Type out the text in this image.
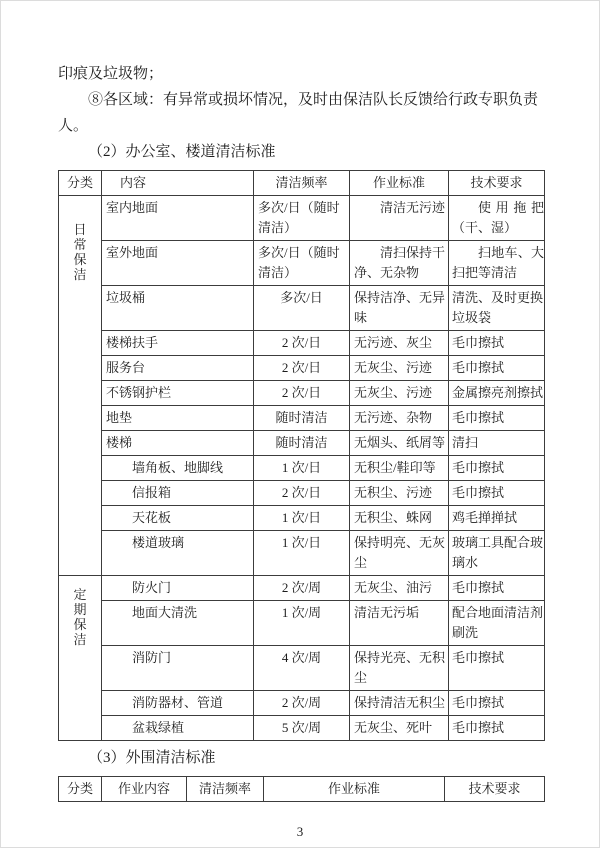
印痕及垃圾物；

⑧各区域：有异常或损坏情况，及时由保洁队长反馈给行政专职负责人。

（2）办公室、楼道清洁标准

分类	内容	清洁频率	作业标准	技术要求

日常保洁	室内地面	多次/日（随时清洁）	清洁无污迹	使用拖把（干、湿）
	室外地面	多次/日（随时清洁）	清扫保持干净、无杂物	扫地车、大扫把等清洁
	垃圾桶	多次/日	保持洁净、无异味	清洗、及时更换垃圾袋
	楼梯扶手	2 次/日	无污迹、灰尘	毛巾擦拭
	服务台	2 次/日	无灰尘、污迹	毛巾擦拭
	不锈钢护栏	2 次/日	无灰尘、污迹	金属擦亮剂擦拭
	地垫	随时清洁	无污迹、杂物	毛巾擦拭
	楼梯	随时清洁	无烟头、纸屑等	清扫
	墙角板、地脚线	1 次/日	无积尘/鞋印等	毛巾擦拭
	信报箱	2 次/日	无积尘、污迹	毛巾擦拭
	天花板	1 次/日	无积尘、蛛网	鸡毛掸掸拭
	楼道玻璃	1 次/日	保持明亮、无灰尘	玻璃工具配合玻璃水

定期保洁	防火门	2 次/周	无灰尘、油污	毛巾擦拭
	地面大清洗	1 次/周	清洁无污垢	配合地面清洁剂刷洗
	消防门	4 次/周	保持光亮、无积尘	毛巾擦拭
	消防器材、管道	2 次/周	保持清洁无积尘	毛巾擦拭
	盆栽绿植	5 次/周	无灰尘、死叶	毛巾擦拭

（3）外围清洁标准

分类	作业内容	清洁频率	作业标准	技术要求
3
